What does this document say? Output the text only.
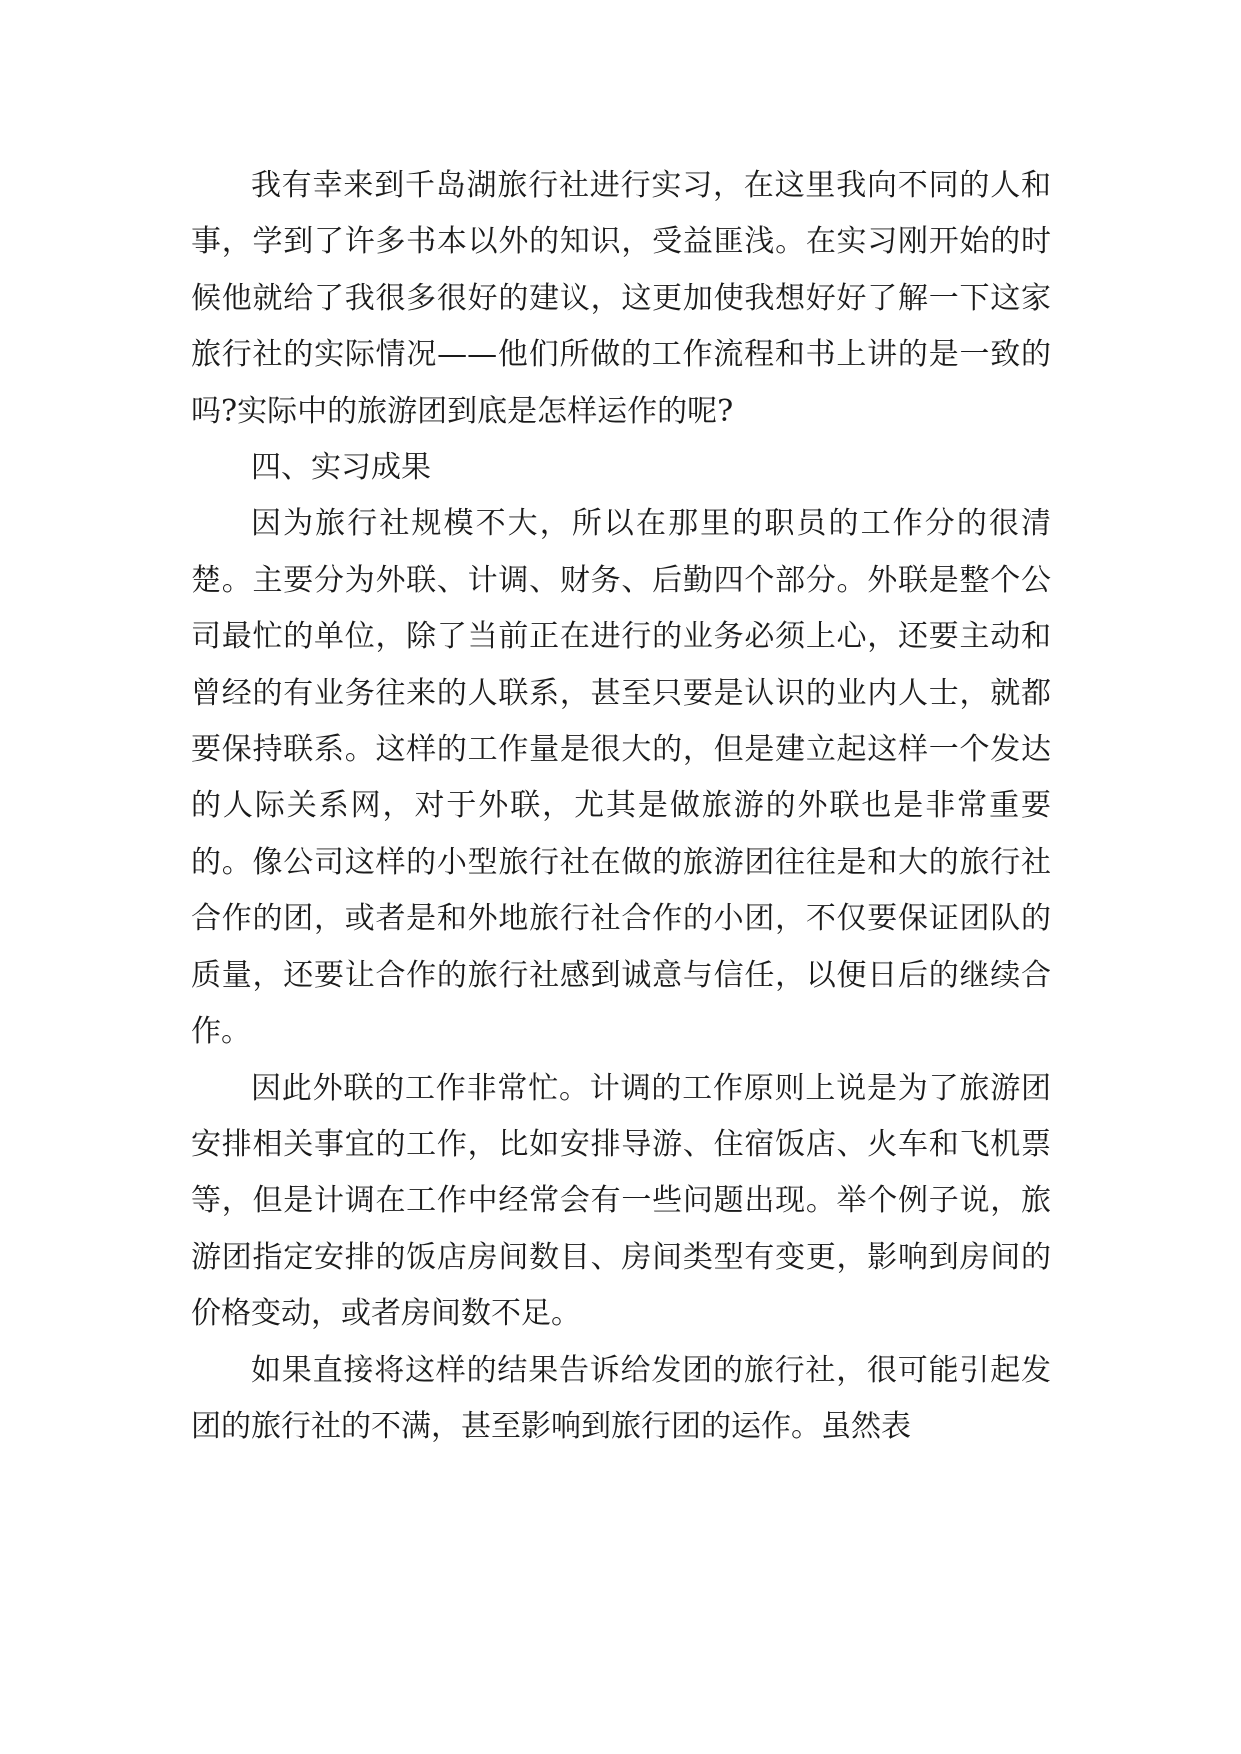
我有幸来到千岛湖旅行社进行实习，在这里我向不同的人和事，学到了许多书本以外的知识，受益匪浅。在实习刚开始的时候他就给了我很多很好的建议，这更加使我想好好了解一下这家旅行社的实际情况——他们所做的工作流程和书上讲的是一致的吗?实际中的旅游团到底是怎样运作的呢?

四、实习成果

因为旅行社规模不大，所以在那里的职员的工作分的很清楚。主要分为外联、计调、财务、后勤四个部分。外联是整个公司最忙的单位，除了当前正在进行的业务必须上心，还要主动和曾经的有业务往来的人联系，甚至只要是认识的业内人士，就都要保持联系。这样的工作量是很大的，但是建立起这样一个发达的人际关系网，对于外联，尤其是做旅游的外联也是非常重要的。像公司这样的小型旅行社在做的旅游团往往是和大的旅行社合作的团，或者是和外地旅行社合作的小团，不仅要保证团队的质量，还要让合作的旅行社感到诚意与信任，以便日后的继续合作。

因此外联的工作非常忙。计调的工作原则上说是为了旅游团安排相关事宜的工作，比如安排导游、住宿饭店、火车和飞机票等，但是计调在工作中经常会有一些问题出现。举个例子说，旅游团指定安排的饭店房间数目、房间类型有变更，影响到房间的价格变动，或者房间数不足。

如果直接将这样的结果告诉给发团的旅行社，很可能引起发团的旅行社的不满，甚至影响到旅行团的运作。虽然表
